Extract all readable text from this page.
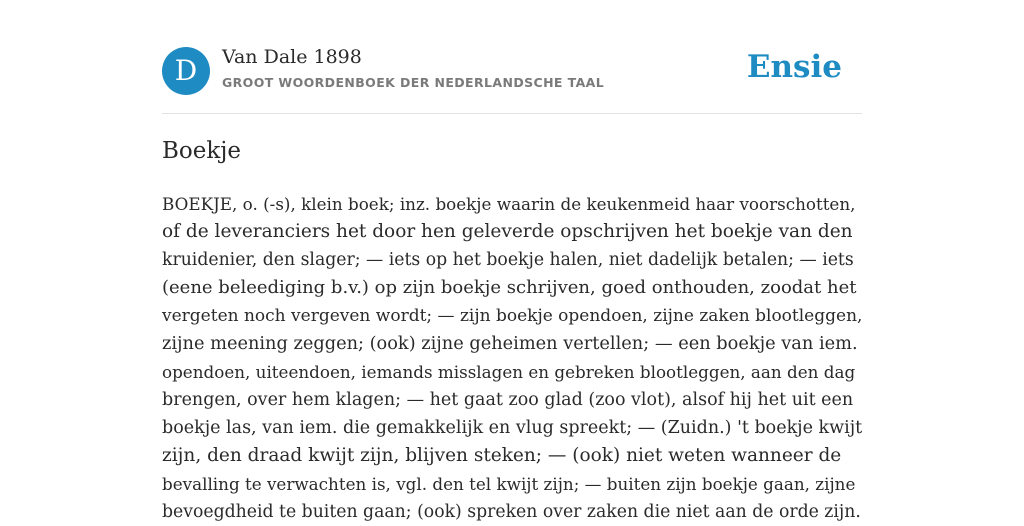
D	Van Dale 1898
GROOT WOORDENBOEK DER NEDERLANDSCHE TAAL	Ensie
Boekje
BOEKJE, o. (-s), klein boek; inz. boekje waarin de keukenmeid haar voorschotten,
of de leveranciers het door hen geleverde opschrijven het boekje van den
kruidenier, den slager; — iets op het boekje halen, niet dadelijk betalen; — iets
(eene beleediging b.v.) op zijn boekje schrijven, goed onthouden, zoodat het
vergeten noch vergeven wordt; — zijn boekje opendoen, zijne zaken blootleggen,
zijne meening zeggen; (ook) zijne geheimen vertellen; — een boekje van iem.
opendoen, uiteendoen, iemands misslagen en gebreken blootleggen, aan den dag
brengen, over hem klagen; — het gaat zoo glad (zoo vlot), alsof hij het uit een
boekje las, van iem. die gemakkelijk en vlug spreekt; — (Zuidn.) 't boekje kwijt
zijn, den draad kwijt zijn, blijven steken; — (ook) niet weten wanneer de
bevalling te verwachten is, vgl. den tel kwijt zijn; — buiten zijn boekje gaan, zijne
bevoegdheid te buiten gaan; (ook) spreken over zaken die niet aan de orde zijn.
